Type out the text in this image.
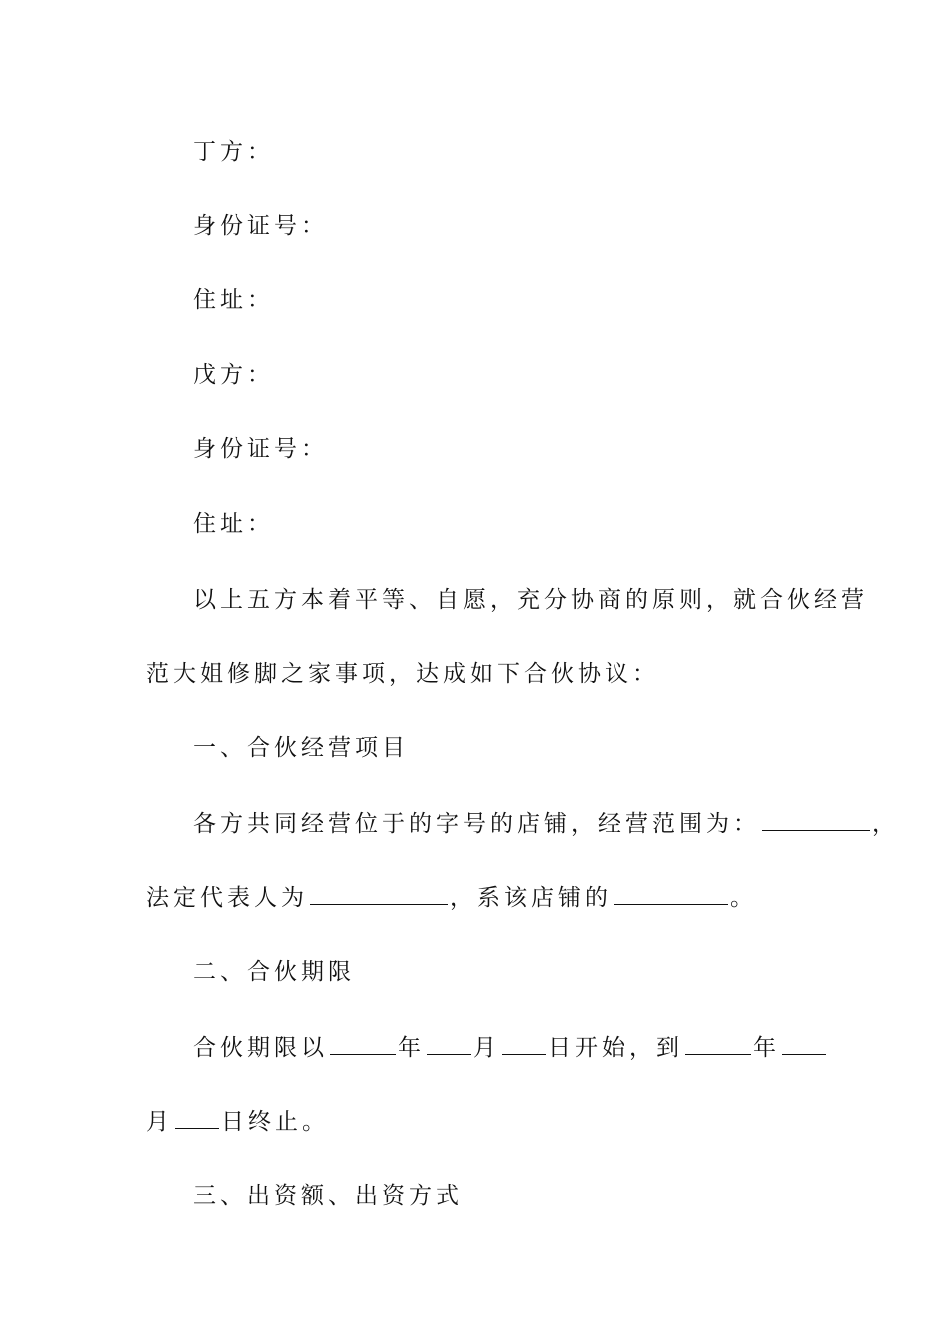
丁方：
身份证号：
住址：
戊方：
身份证号：
住址：
以上五方本着平等、自愿，充分协商的原则，就合伙经营
范大姐修脚之家事项，达成如下合伙协议：
一、合伙经营项目
各方共同经营位于的字号的店铺，经营范围为：	，
法定代表人为	，系该店铺的	。
二、合伙期限
合伙期限以	年 月 日开始，到	年
月 日终止。
三、出资额、出资方式
